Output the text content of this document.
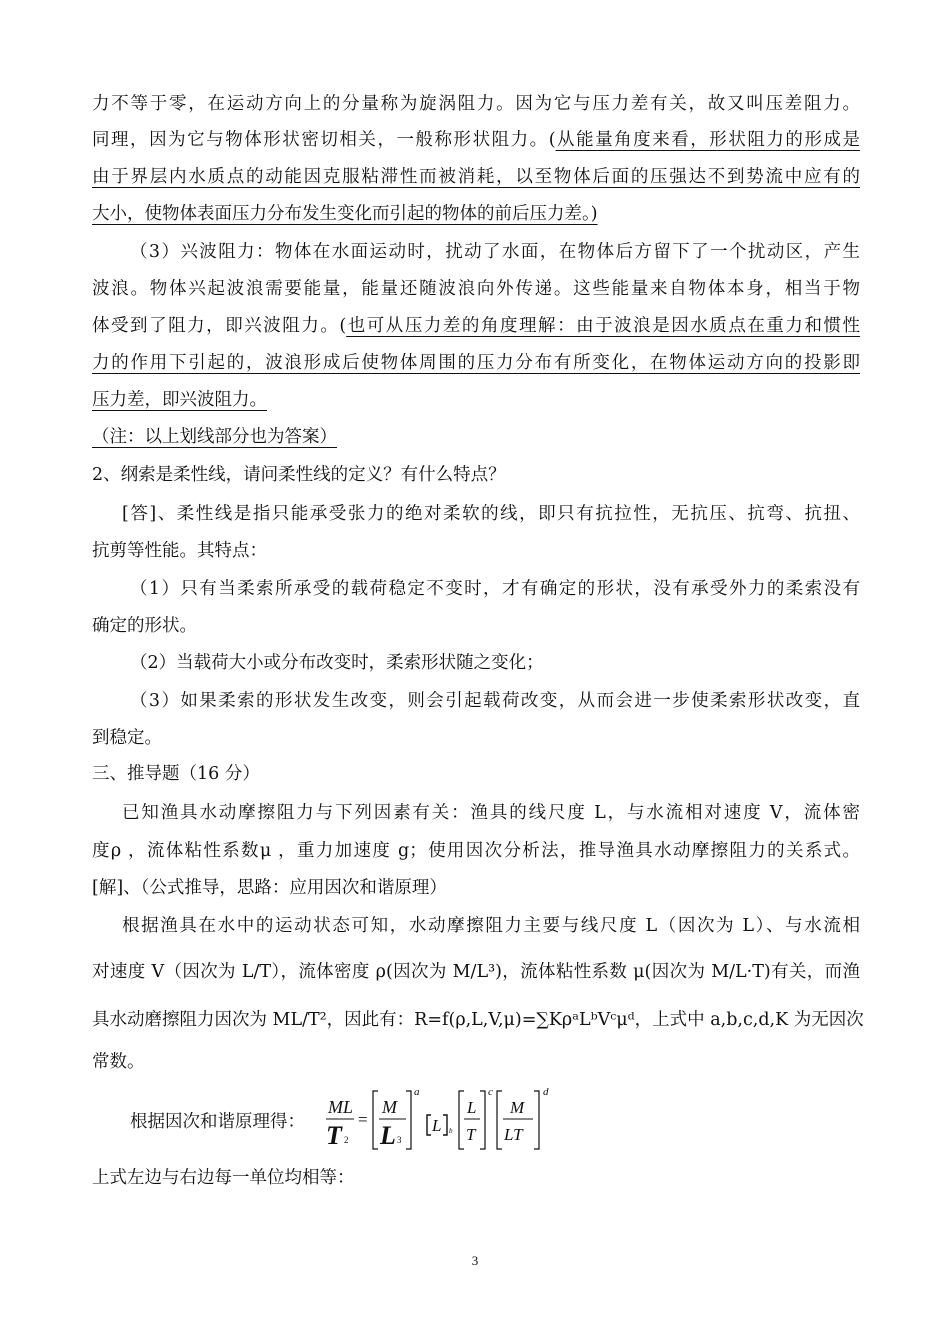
力不等于零，在运动方向上的分量称为旋涡阻力。因为它与压力差有关，故又叫压差阻力。
同理，因为它与物体形状密切相关，一般称形状阻力。(从能量角度来看，形状阻力的形成是
由于界层内水质点的动能因克服粘滞性而被消耗，以至物体后面的压强达不到势流中应有的
大小，使物体表面压力分布发生变化而引起的物体的前后压力差。)
（3）兴波阻力：物体在水面运动时，扰动了水面，在物体后方留下了一个扰动区，产生
波浪。物体兴起波浪需要能量，能量还随波浪向外传递。这些能量来自物体本身，相当于物
体受到了阻力，即兴波阻力。(也可从压力差的角度理解：由于波浪是因水质点在重力和惯性
力的作用下引起的，波浪形成后使物体周围的压力分布有所变化，在物体运动方向的投影即
压力差，即兴波阻力。
（注：以上划线部分也为答案）
2、纲索是柔性线，请问柔性线的定义？有什么特点？
[答]、柔性线是指只能承受张力的绝对柔软的线，即只有抗拉性，无抗压、抗弯、抗扭、
抗剪等性能。其特点：
（1）只有当柔索所承受的载荷稳定不变时，才有确定的形状，没有承受外力的柔索没有
确定的形状。
（2）当载荷大小或分布改变时，柔索形状随之变化；
（3）如果柔索的形状发生改变，则会引起载荷改变，从而会进一步使柔索形状改变，直
到稳定。
三、推导题（16 分）
已知渔具水动摩擦阻力与下列因素有关：渔具的线尺度 L，与水流相对速度 V，流体密
度ρ ，流体粘性系数μ ，重力加速度 g；使用因次分析法，推导渔具水动摩擦阻力的关系式。
[解]、（公式推导，思路：应用因次和谐原理）
根据渔具在水中的运动状态可知，水动摩擦阻力主要与线尺度 L（因次为 L）、与水流相
对速度 V（因次为 L/T），流体密度 ρ(因次为 M/L³)，流体粘性系数 μ(因次为 M/L·T)有关，而渔
具水动磨擦阻力因次为 ML/T²，因此有：R=f(ρ,L,V,μ)=∑KρᵃLᵇVᶜμᵈ，上式中 a,b,c,d,K 为无因次
常数。
根据因次和谐原理得：
ML
T 2
=
M
L 3
a
L b
L
T
c
M
LT
d
上式左边与右边每一单位均相等：
3
